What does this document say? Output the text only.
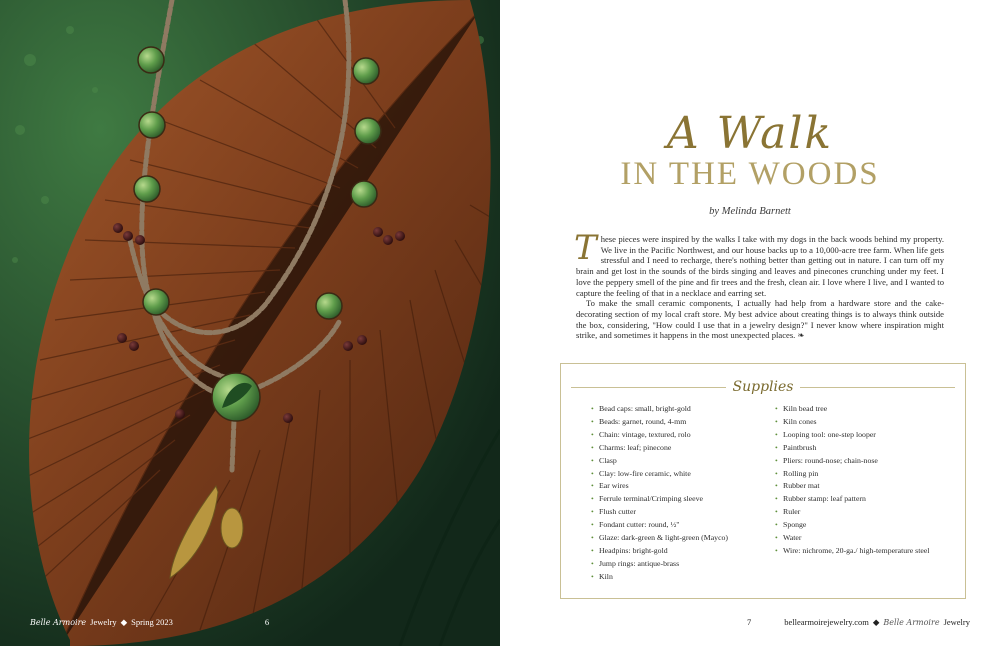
Belle Armoire Jewelry ◆ Spring 2023	6
A Walk
IN THE WOODS
by Melinda Barnett

These pieces were inspired by the walks I take with my dogs in the back woods behind my property. We live in the Pacific Northwest, and our house backs up to a 10,000-acre tree farm. When life gets stressful and I need to recharge, there's nothing better than getting out in nature. I can turn off my brain and get lost in the sounds of the birds singing and leaves and pinecones crunching under my feet. I love the peppery smell of the pine and fir trees and the fresh, clean air. I love where I live, and I wanted to capture the feeling of that in a necklace and earring set.

To make the small ceramic components, I actually had help from a hardware store and the cake-decorating section of my local craft store. My best advice about creating things is to always think outside the box, considering, "How could I use that in a jewelry design?" I never know where inspiration might strike, and sometimes it happens in the most unexpected places. ❧

Supplies
• Bead caps: small, bright-gold
• Beads: garnet, round, 4-mm
• Chain: vintage, textured, rolo
• Charms: leaf; pinecone
• Clasp
• Clay: low-fire ceramic, white
• Ear wires
• Ferrule terminal/Crimping sleeve
• Flush cutter
• Fondant cutter: round, ½"
• Glaze: dark-green & light-green (Mayco)
• Headpins: bright-gold
• Jump rings: antique-brass
• Kiln
• Kiln bead tree
• Kiln cones
• Looping tool: one-step looper
• Paintbrush
• Pliers: round-nose; chain-nose
• Rolling pin
• Rubber mat
• Rubber stamp: leaf pattern
• Ruler
• Sponge
• Water
• Wire: nichrome, 20-ga./ high-temperature steel
7	bellearmoirejewelry.com ◆ Belle Armoire Jewelry
